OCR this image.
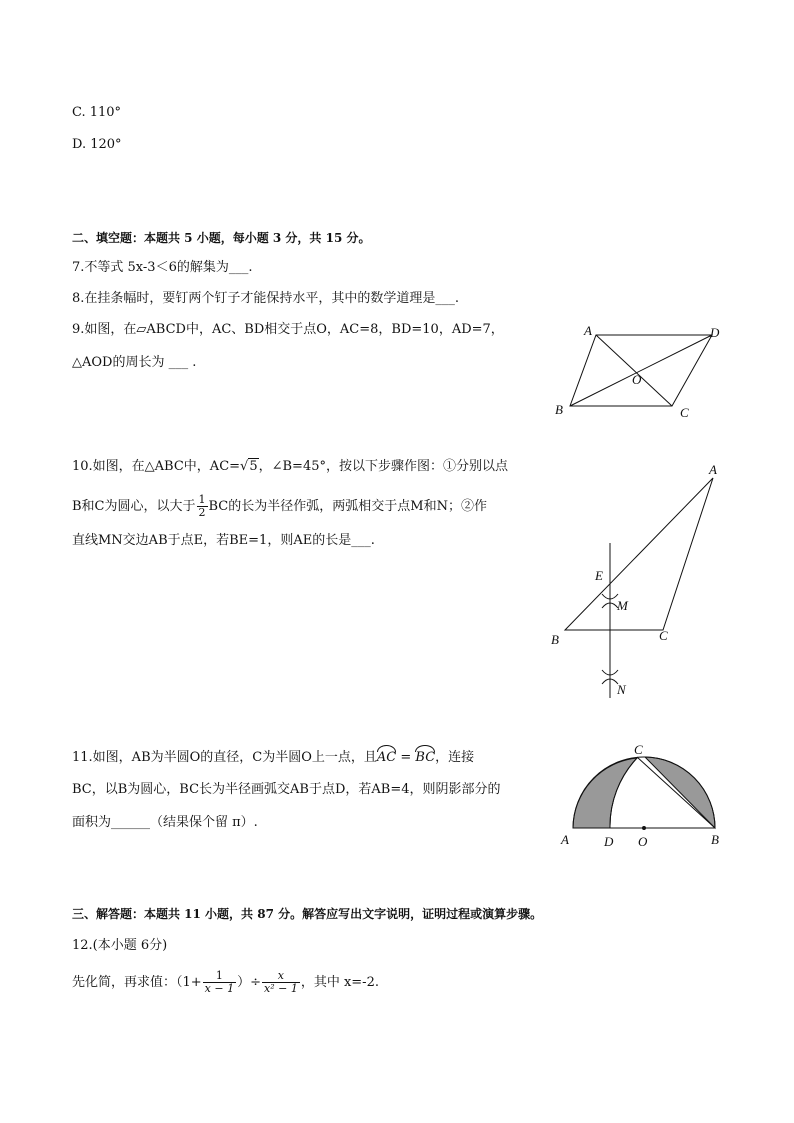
C. 110°
D. 120°
二、填空题：本题共 5 小题，每小题 3 分，共 15 分。
7.不等式 5x-3＜6的解集为___.
8.在挂条幅时，要钉两个钉子才能保持水平，其中的数学道理是___.
9.如图，在▱ABCD中，AC、BD相交于点O，AC=8，BD=10，AD=7，
△AOD的周长为 ___ .
A	D
O
B	C
10.如图，在△ABC中，AC=√5，∠B=45°，按以下步骤作图：①分别以点
B和C为圆心，以大于 $\frac{1}{2}$ BC的长为半径作弧，两弧相交于点M和N；②作
直线MN交边AB于点E，若BE=1，则AE的长是___.
A
E
M
B	C
N
11.如图，AB为半圆O的直径，C为半圆O上一点，且AC = BC，连接
BC，以B为圆心，BC长为半径画弧交AB于点D，若AB=4，则阴影部分的
面积为______（结果保个留 π）.
C
A	D O	B
三、解答题：本题共 11 小题，共 87 分。解答应写出文字说明，证明过程或演算步骤。
12.(本小题 6分)
先化简，再求值：（$1+ \frac{1}{x - 1}$ ）÷ $\frac{x}{\text{x² − 1}}$ ，其中 x=-2.
